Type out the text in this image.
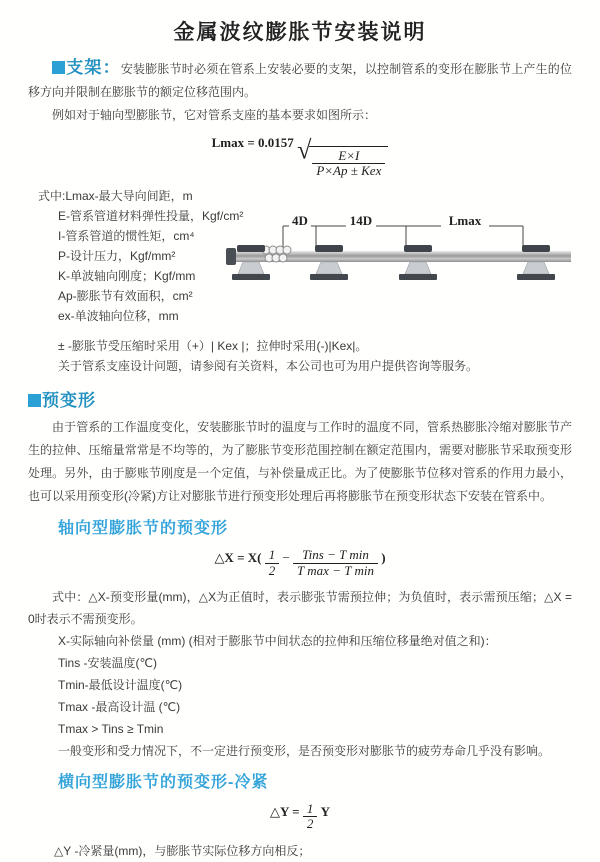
金属波纹膨胀节安装说明

支架：安装膨胀节时必须在管系上安装必要的支架，以控制管系的变形在膨胀节上产生的位移方向并限制在膨胀节的额定位移范围内。

例如对于轴向型膨胀节，它对管系支座的基本要求如图所示：

Lmax = 0.0157 √ $\frac{E\times I}{\text{P×Ap ± Kex}}$
式中:Lmax-最大导向间距，m
E-管系管道材料弹性投量，Kgf/cm²
I-管系管道的惯性矩，cm⁴
P-设计压力，Kgf/mm²
K-单波轴向刚度；Kgf/mm
Ap-膨胀节有效面积，cm²
ex-单波轴向位移，mm
4D	14D	Lmax
± -膨胀节受压缩时采用（+）| Kex |；拉伸时采用(-)|Kex|。
关于管系支座设计问题，请参阅有关资料，本公司也可为用户提供咨询等服务。
预变形

由于管系的工作温度变化，安装膨胀节时的温度与工作时的温度不同，管系热膨胀冷缩对膨胀节产生的拉伸、压缩量常常是不均等的，为了膨胀节变形范围控制在额定范围内，需要对膨胀节采取预变形处理。另外，由于膨账节刚度是一个定值，与补偿量成正比。为了使膨胀节位移对管系的作用力最小，也可以采用预变形(冷紧)方让对膨胀节进行预变形处理后再将膨胀节在预变形状态下安装在管系中。

轴向型膨胀节的预变形
△X = $X( \frac{1}{2} - \frac{\text{Tins − T min}}{\text{T max − T min}}$ )

式中：△X-预变形量(mm)，△X为正值时，表示膨张节需预拉伸；为负值时，表示需预压缩；△X = 0时表示不需预变形。

X-实际轴向补偿量 (mm) (相对于膨胀节中间状态的拉伸和压缩位移量绝对值之和)：
Tins -安装温度(℃)
Tmin-最低设计温度(℃)
Tmax -最高设计温 (℃)
Tmax > Tins ≥ Tmin
一般变形和受力情况下，不一定进行预变形，是否预变形对膨胀节的疲劳寿命几乎没有影响。
横向型膨胀节的预变形-冷紧
△Y = $\frac{1}{2}$ Y
△Y -冷紧量(mm)，与膨胀节实际位移方向相反；
